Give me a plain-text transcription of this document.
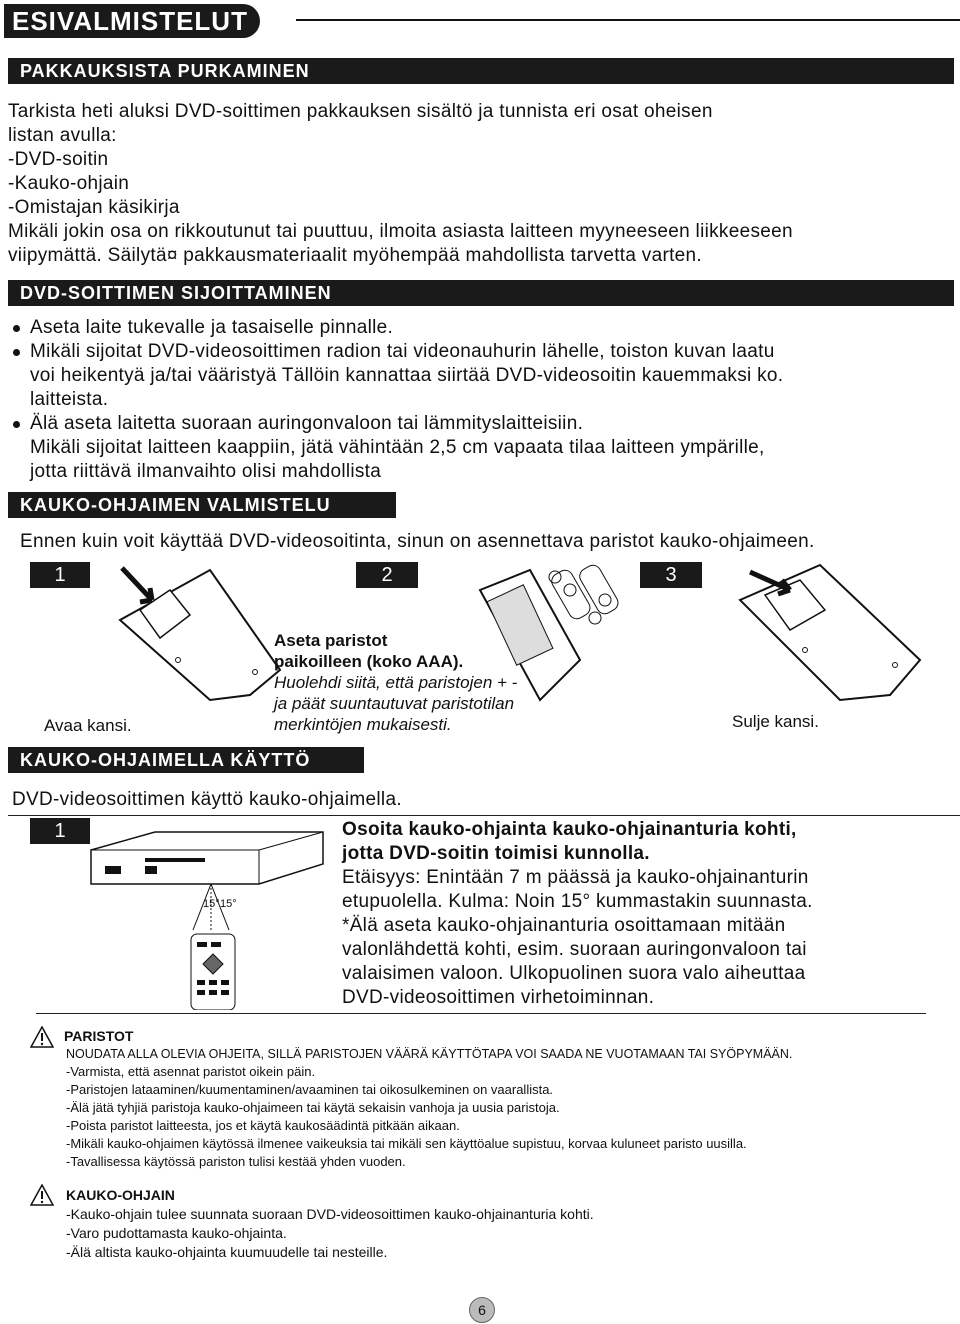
ESIVALMISTELUT
PAKKAUKSISTA PURKAMINEN
Tarkista heti aluksi DVD-soittimen pakkauksen sisältö ja tunnista eri osat oheisen
listan avulla:
-DVD-soitin
-Kauko-ohjain
-Omistajan käsikirja
Mikäli jokin osa on rikkoutunut tai puuttuu, ilmoita asiasta laitteen myyneeseen liikkeeseen
viipymättä. Säilytä¤ pakkausmateriaalit myöhempää mahdollista tarvetta varten.
DVD-SOITTIMEN SIJOITTAMINEN
Aseta laite tukevalle ja tasaiselle pinnalle.
Mikäli sijoitat DVD-videosoittimen radion tai videonauhurin lähelle, toiston kuvan laatu
voi heikentyä ja/tai vääristyä Tällöin kannattaa siirtää DVD-videosoitin kauemmaksi ko.
laitteista.
Älä aseta laitetta suoraan auringonvaloon tai lämmityslaitteisiin.
Mikäli sijoitat laitteen kaappiin, jätä vähintään 2,5 cm vapaata tilaa laitteen ympärille,
jotta riittävä ilmanvaihto olisi mahdollista
KAUKO-OHJAIMEN VALMISTELU
Ennen kuin voit käyttää DVD-videosoitinta, sinun on asennettava paristot kauko-ohjaimeen.
1	2	3
Avaa kansi.
Aseta paristot
paikoilleen (koko AAA).
Huolehdi siitä, että paristojen + -
ja päät suuntautuvat paristotilan
merkintöjen mukaisesti.	Sulje kansi.
KAUKO-OHJAIMELLA KÄYTTÖ
DVD-videosoittimen käyttö kauko-ohjaimella.
1
15° 15°
Osoita kauko-ohjainta kauko-ohjainanturia kohti,
jotta DVD-soitin toimisi kunnolla.
Etäisyys: Enintään 7 m päässä ja kauko-ohjainanturin
etupuolella. Kulma: Noin 15° kummastakin suunnasta.
*Älä aseta kauko-ohjainanturia osoittamaan mitään
valonlähdettä kohti, esim. suoraan auringonvaloon tai
valaisimen valoon. Ulkopuolinen suora valo aiheuttaa
DVD-videosoittimen virhetoiminnan.
PARISTOT
NOUDATA ALLA OLEVIA OHJEITA, SILLÄ PARISTOJEN VÄÄRÄ KÄYTTÖTAPA VOI SAADA NE VUOTAMAAN TAI SYÖPYMÄÄN.
-Varmista, että asennat paristot oikein päin.
-Paristojen lataaminen/kuumentaminen/avaaminen tai oikosulkeminen on vaarallista.
-Älä jätä tyhjiä paristoja kauko-ohjaimeen tai käytä sekaisin vanhoja ja uusia paristoja.
-Poista paristot laitteesta, jos et käytä kaukosäädintä pitkään aikaan.
-Mikäli kauko-ohjaimen käytössä ilmenee vaikeuksia tai mikäli sen käyttöalue supistuu, korvaa kuluneet paristo uusilla.
-Tavallisessa käytössä pariston tulisi kestää yhden vuoden.
KAUKO-OHJAIN
-Kauko-ohjain tulee suunnata suoraan DVD-videosoittimen kauko-ohjainanturia kohti.
-Varo pudottamasta kauko-ohjainta.
-Älä altista kauko-ohjainta kuumuudelle tai nesteille.
6
